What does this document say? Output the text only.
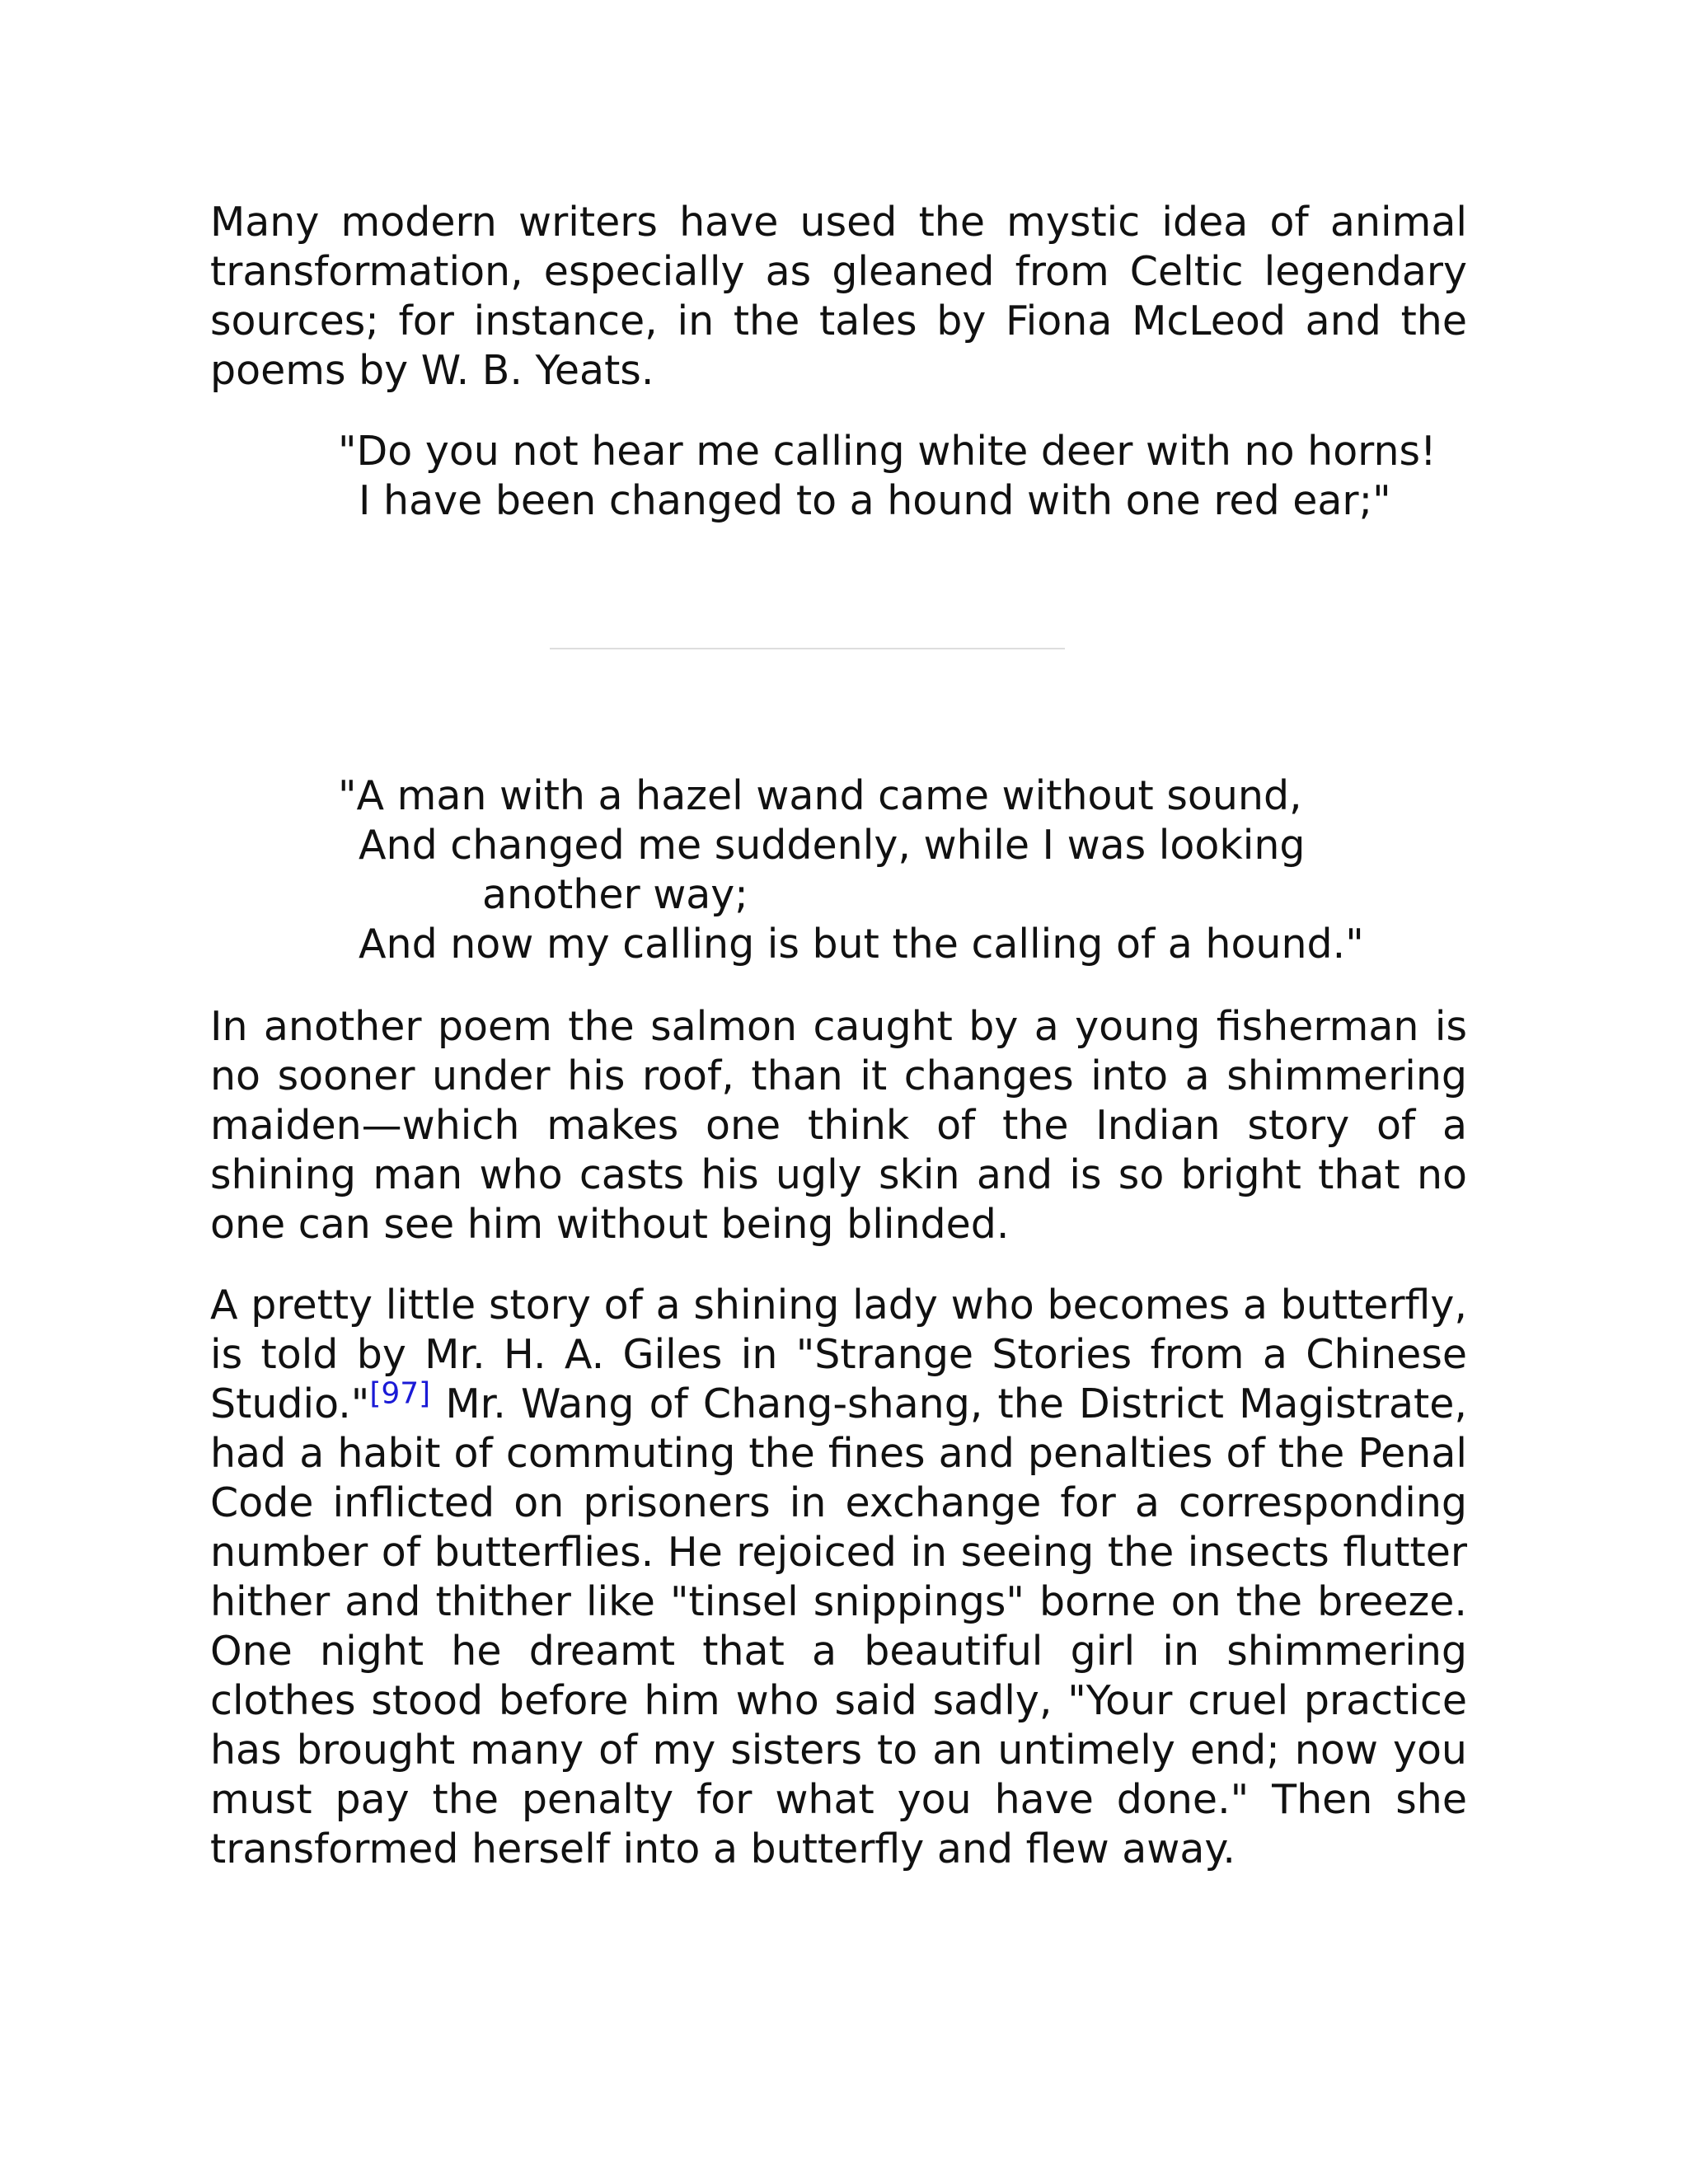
Many modern writers have used the mystic idea of animal transformation, especially as gleaned from Celtic legendary sources; for instance, in the tales by Fiona McLeod and the poems by W. B. Yeats.

"Do you not hear me calling white deer with no horns!
I have been changed to a hound with one red ear;"
"A man with a hazel wand came without sound,
And changed me suddenly, while I was looking
another way;
And now my calling is but the calling of a hound."

In another poem the salmon caught by a young fisherman is no sooner under his roof, than it changes into a shimmering maiden—which makes one think of the Indian story of a shining man who casts his ugly skin and is so bright that no one can see him without being blinded.

A pretty little story of a shining lady who becomes a butterfly, is told by Mr. H. A. Giles in "Strange Stories from a Chinese Studio."[97] Mr. Wang of Chang-shang, the District Magistrate, had a habit of commuting the fines and penalties of the Penal Code inflicted on prisoners in exchange for a corresponding number of butterflies. He rejoiced in seeing the insects flutter hither and thither like "tinsel snippings" borne on the breeze. One night he dreamt that a beautiful girl in shimmering clothes stood before him who said sadly, "Your cruel practice has brought many of my sisters to an untimely end; now you must pay the penalty for what you have done." Then she transformed herself into a butterfly and flew away.
